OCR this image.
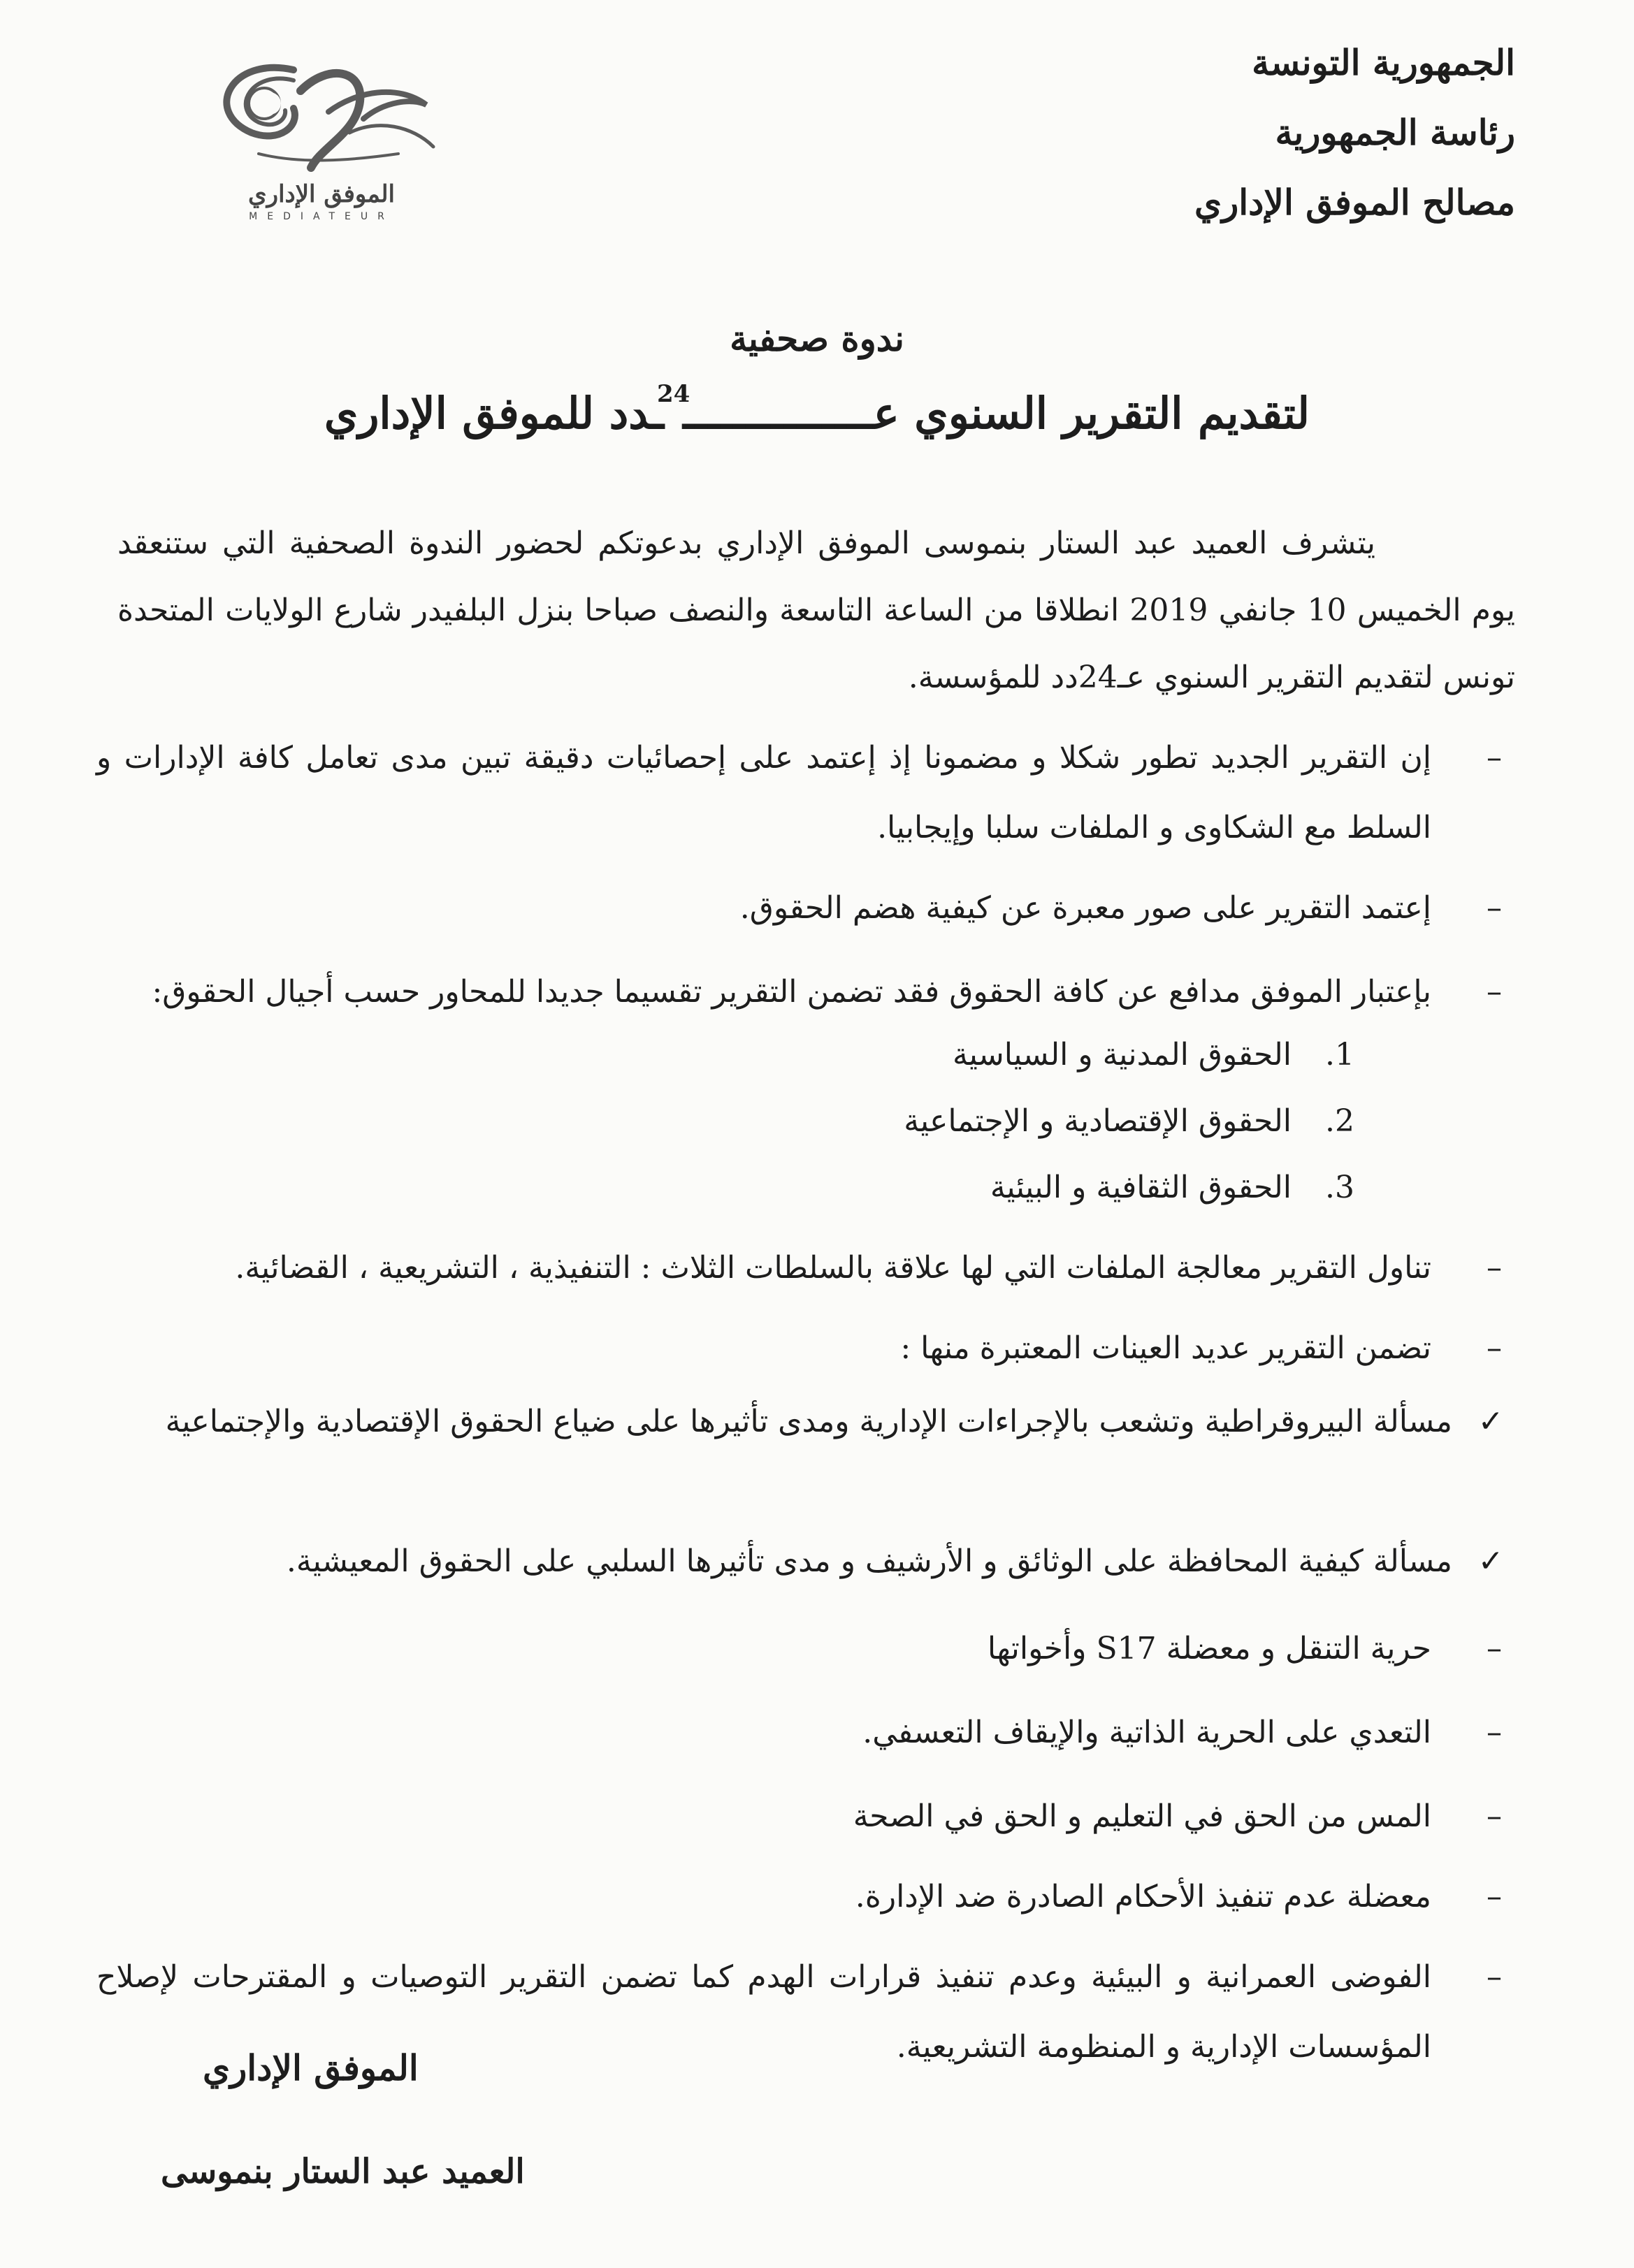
الجمهورية التونسة
رئاسة الجمهورية
مصالح الموفق الإداري
الموفق الإداري
MEDIATEUR
ندوة صحفية
لتقديم التقرير السنوي عـــــــــــــــ$^{24}$ـدد للموفق الإداري
يتشرف العميد عبد الستار بنموسى الموفق الإداري بدعوتكم لحضور الندوة الصحفية التي ستنعقد يوم الخميس 10 جانفي 2019 انطلاقا من الساعة التاسعة والنصف صباحا بنزل البلفيدر شارع الولايات المتحدة تونس لتقديم التقرير السنوي عـ24دد للمؤسسة.
–
إن التقرير الجديد تطور شكلا و مضمونا إذ إعتمد على إحصائيات دقيقة تبين مدى تعامل كافة الإدارات و السلط مع الشكاوى و الملفات سلبا وإيجابيا.
–
إعتمد التقرير على صور معبرة عن كيفية هضم الحقوق.
–
بإعتبار الموفق مدافع عن كافة الحقوق فقد تضمن التقرير تقسيما جديدا للمحاور حسب أجيال الحقوق:
1.الحقوق المدنية و السياسية
2.الحقوق الإقتصادية و الإجتماعية
3.الحقوق الثقافية و البيئية
–
تناول التقرير معالجة الملفات التي لها علاقة بالسلطات الثلاث : التنفيذية ، التشريعية ، القضائية.
–
تضمن التقرير عديد العينات المعتبرة منها :
✓
مسألة البيروقراطية وتشعب بالإجراءات الإدارية ومدى تأثيرها على ضياع الحقوق الإقتصادية والإجتماعية
✓
مسألة كيفية المحافظة على الوثائق و الأرشيف و مدى تأثيرها السلبي على الحقوق المعيشية.
–
حرية التنقل و معضلة S17 وأخواتها
–
التعدي على الحرية الذاتية والإيقاف التعسفي.
–
المس من الحق في التعليم و الحق في الصحة
–
معضلة عدم تنفيذ الأحكام الصادرة ضد الإدارة.
–
الفوضى العمرانية و البيئية وعدم تنفيذ قرارات الهدم كما تضمن التقرير التوصيات و المقترحات لإصلاح المؤسسات الإدارية و المنظومة التشريعية.
الموفق الإداري
العميد عبد الستار بنموسى
